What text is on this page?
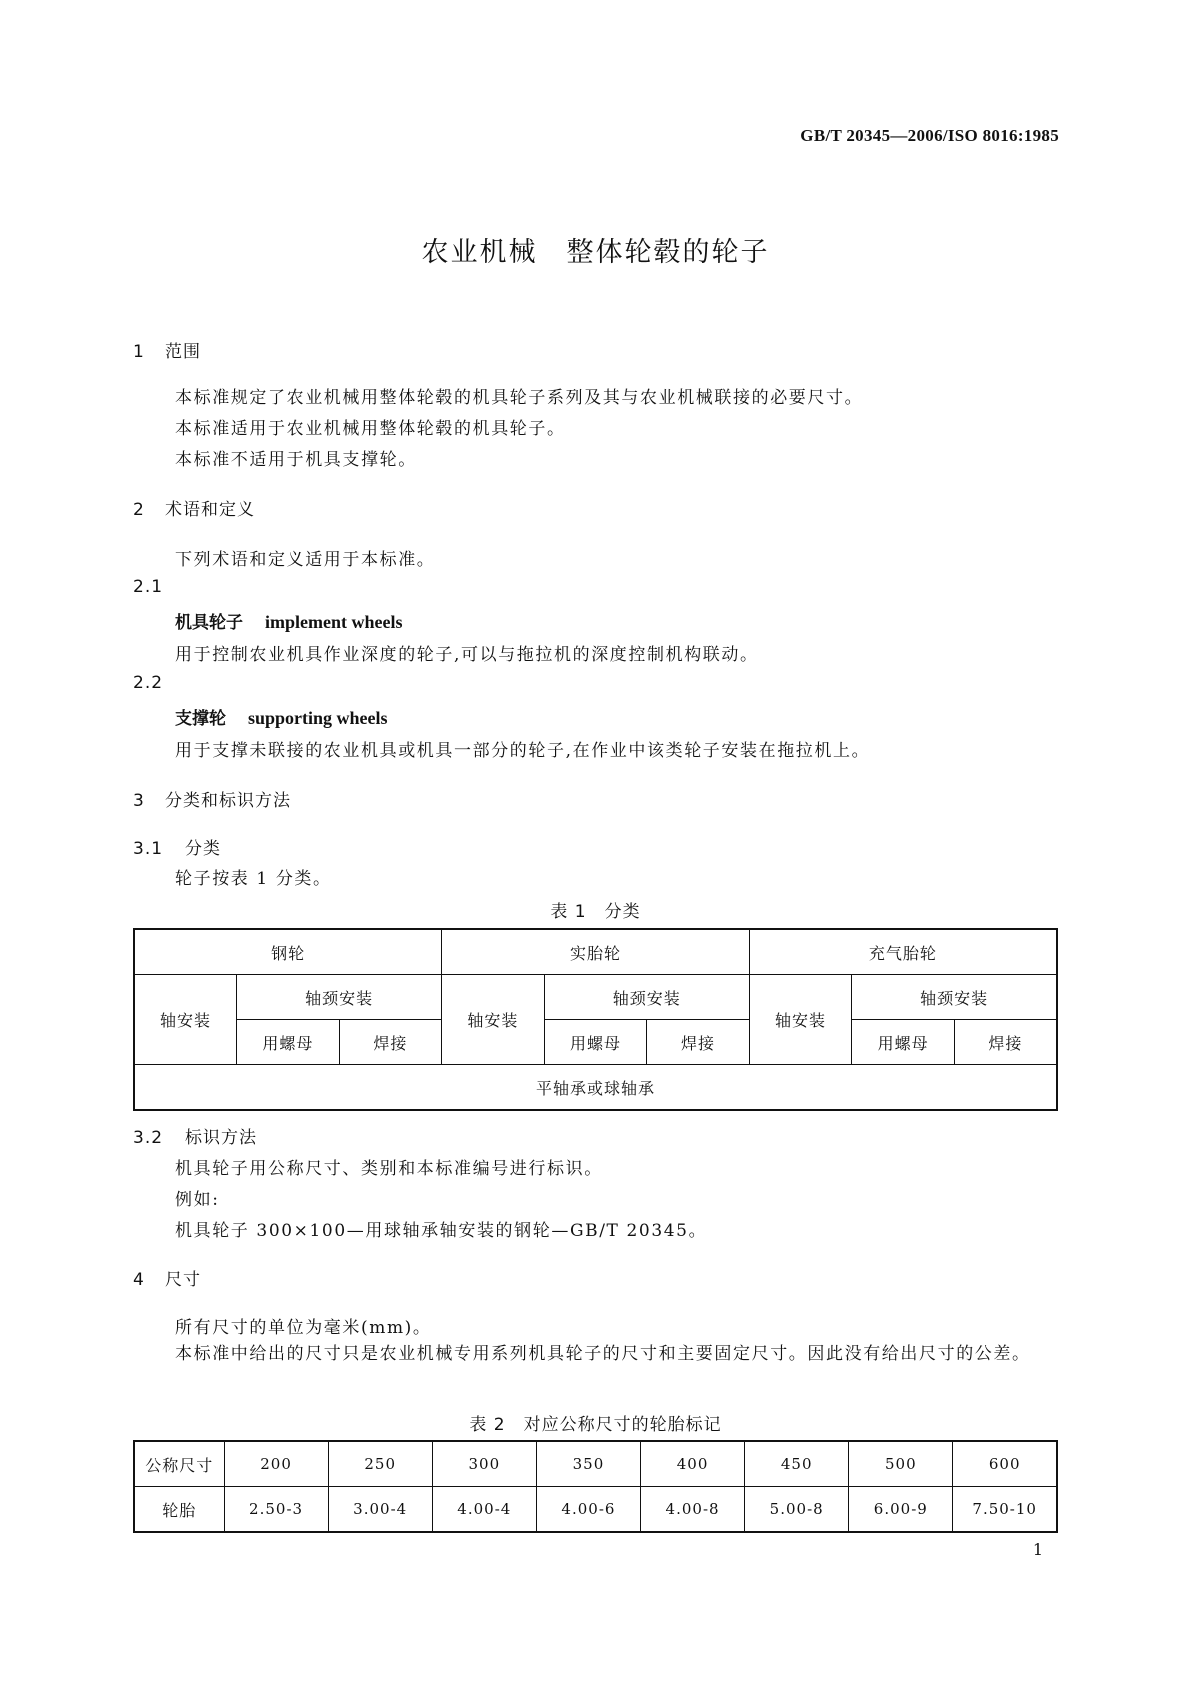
GB/T 20345—2006/ISO 8016:1985
农业机械　整体轮毂的轮子
1 范围
本标准规定了农业机械用整体轮毂的机具轮子系列及其与农业机械联接的必要尺寸。
本标准适用于农业机械用整体轮毂的机具轮子。
本标准不适用于机具支撑轮。
2 术语和定义
下列术语和定义适用于本标准。
2.1
机具轮子 implement wheels
用于控制农业机具作业深度的轮子,可以与拖拉机的深度控制机构联动。
2.2
支撑轮 supporting wheels
用于支撑未联接的农业机具或机具一部分的轮子,在作业中该类轮子安装在拖拉机上。
3 分类和标识方法
3.1 分类
轮子按表 1 分类。
表 1　分类
钢轮			实胎轮			充气胎轮		
轴安装	轴颈安装		轴安装	轴颈安装		轴安装	轴颈安装	
	用螺母	焊接		用螺母	焊接		用螺母	焊接
平轴承或球轴承								
3.2 标识方法
机具轮子用公称尺寸、类别和本标准编号进行标识。
例如:
机具轮子 300×100—用球轴承轴安装的钢轮—GB/T 20345。
4 尺寸
所有尺寸的单位为毫米(mm)。
本标准中给出的尺寸只是农业机械专用系列机具轮子的尺寸和主要固定尺寸。因此没有给出尺寸的公差。
表 2　对应公称尺寸的轮胎标记
公称尺寸	200	250	300	350	400	450	500	600
轮胎	2.50-3	3.00-4	4.00-4	4.00-6	4.00-8	5.00-8	6.00-9	7.50-10
1
